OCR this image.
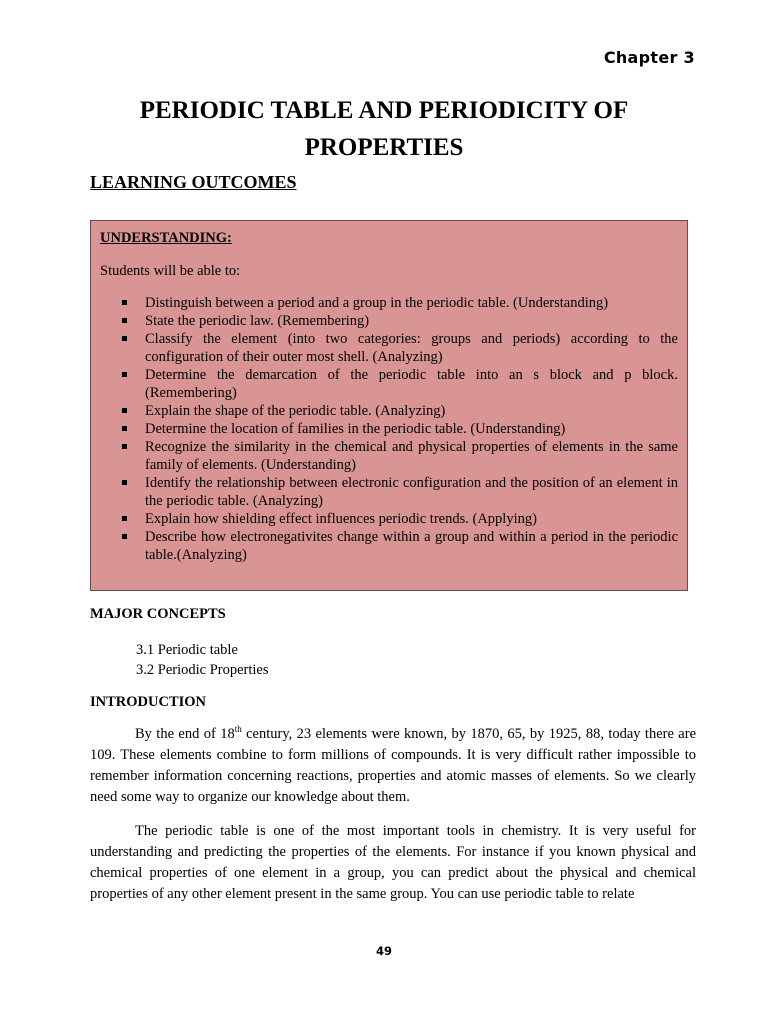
Chapter 3
PERIODIC TABLE AND PERIODICITY OF
PROPERTIES
LEARNING OUTCOMES
UNDERSTANDING:
Students will be able to:
Distinguish between a period and a group in the periodic table. (Understanding)
State the periodic law. (Remembering)
Classify the element (into two categories: groups and periods) according to the configuration of their outer most shell. (Analyzing)
Determine the demarcation of the periodic table into an s block and p block. (Remembering)
Explain the shape of the periodic table. (Analyzing)
Determine the location of families in the periodic table. (Understanding)
Recognize the similarity in the chemical and physical properties of elements in the same family of elements. (Understanding)
Identify the relationship between electronic configuration and the position of an element in the periodic table. (Analyzing)
Explain how shielding effect influences periodic trends. (Applying)
Describe how electronegativites change within a group and within a period in the periodic table.(Analyzing)
MAJOR CONCEPTS
3.1 Periodic table
3.2 Periodic Properties
INTRODUCTION

By the end of 18th century, 23 elements were known, by 1870, 65, by 1925, 88, today there are 109. These elements combine to form millions of compounds. It is very difficult rather impossible to remember information concerning reactions, properties and atomic masses of elements. So we clearly need some way to organize our knowledge about them.

The periodic table is one of the most important tools in chemistry. It is very useful for understanding and predicting the properties of the elements. For instance if you known physical and chemical properties of one element in a group, you can predict about the physical and chemical properties of any other element present in the same group. You can use periodic table to relate

49
